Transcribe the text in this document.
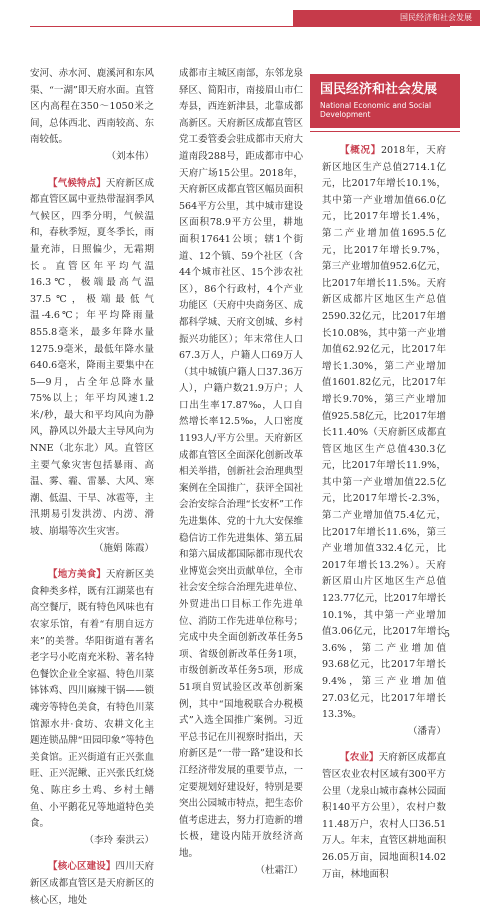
国民经济和社会发展
国民经济和社会发展
National Economic and Social Development

安河、赤水河、鹿溪河和东风渠、“一湖”即天府水面。直管区内高程在350～1050米之间，总体西北、西南较高、东南较低。

（刘本伟）

【气候特点】天府新区成都直管区属中亚热带湿润季风气候区，四季分明，气候温和，春秋季短，夏冬季长，雨量充沛，日照偏少，无霜期长。直管区年平均气温16.3℃，极端最高气温37.5℃，极端最低气温-4.6℃；年平均降雨量855.8毫米，最多年降水量1275.9毫米，最低年降水量640.6毫米，降雨主要集中在5—9月，占全年总降水量75%以上；年平均风速1.2米/秒，最大和平均风向为静风，静风以外最大主导风向为NNE（北东北）风。直管区主要气象灾害包括暴雨、高温、雾、霾、雷暴、大风、寒潮、低温、干旱、冰雹等，主汛期易引发洪涝、内涝、滑坡、崩塌等次生灾害。

（施娟 陈霞）

【地方美食】天府新区美食种类多样，既有江湖菜也有高空餐厅，既有特色风味也有农家乐馆，有着“有朋自远方来”的美誉。华阳街道有著名老字号小吃南充米粉、著名特色餐饮企业全家福、特色川菜钵钵鸡、四川麻辣干锅——锁魂旁等特色美食，有特色川菜馆源水井·食坊、农耕文化主题连锁品牌“田园印象”等特色美食馆。正兴街道有正兴张血旺、正兴泥鳅、正兴张氏红烧兔、陈庄乡土鸡、乡村土鳝鱼、小平鹅花兄等地道特色美食。

（李玲 秦洪云）

【核心区建设】四川天府新区成都直管区是天府新区的核心区，地处

成都市主城区南部，东邻龙泉驿区、简阳市，南接眉山市仁寿县，西连新津县，北靠成都高新区。天府新区成都直管区党工委管委会驻成都市天府大道南段288号，距成都市中心天府广场15公里。2018年，天府新区成都直管区幅员面积564平方公里，其中城市建设区面积78.9平方公里，耕地面积17641公顷；辖1个街道、12个镇、59个社区（含44个城市社区、15个涉农社区），86个行政村，4个产业功能区（天府中央商务区、成都科学城、天府文创城、乡村振兴功能区）；年末常住人口67.3万人，户籍人口69万人（其中城镇户籍人口37.36万人），户籍户数21.9万户；人口出生率17.87‰，人口自然增长率12.5‰，人口密度1193人/平方公里。天府新区成都直管区全面深化创新改革相关举措，创新社会治理典型案例在全国推广，获评全国社会治安综合治理“长安杯”工作先进集体、党的十九大安保维稳信访工作先进集体、第五届和第六届成都国际都市现代农业博览会突出贡献单位，全市社会安全综合治理先进单位、外贸进出口目标工作先进单位、消防工作先进单位称号；完成中央全面创新改革任务5项、省级创新改革任务1项，市级创新改革任务5项，形成51项自贸试验区改革创新案例，其中“国地税联合办税模式”入选全国推广案例。习近平总书记在川视察时指出，天府新区是“一带一路”建设和长江经济带发展的重要节点，一定要规划好建设好，特别是要突出公园城市特点，把生态价值考虑进去，努力打造新的增长极，建设内陆开放经济高地。

（杜霜江）

【概况】2018年，天府新区地区生产总值2714.1亿元，比2017年增长10.1%，其中第一产业增加值66.0亿元，比2017年增长1.4%，第二产业增加值1695.5亿元，比2017年增长9.7%，第三产业增加值952.6亿元，比2017年增长11.5%。天府新区成都片区地区生产总值2590.32亿元，比2017年增长10.08%，其中第一产业增加值62.92亿元，比2017年增长1.30%，第二产业增加值1601.82亿元，比2017年增长9.70%，第三产业增加值925.58亿元，比2017年增长11.40%（天府新区成都直管区地区生产总值430.3亿元，比2017年增长11.9%，其中第一产业增加值22.5亿元，比2017年增长-2.3%，第二产业增加值75.4亿元，比2017年增长11.6%，第三产业增加值332.4亿元，比2017年增长13.2%）。天府新区眉山片区地区生产总值123.77亿元，比2017年增长10.1%，其中第一产业增加值3.06亿元，比2017年增长3.6%，第二产业增加值93.68亿元，比2017年增长9.4%，第三产业增加值27.03亿元，比2017年增长13.3%。

（潘青）

【农业】天府新区成都直管区农业农村区域有300平方公里（龙泉山城市森林公园面积140平方公里），农村户数11.48万户，农村人口36.51万人。年末，直管区耕地面积26.05万亩，园地面积14.02万亩，林地面积

5
